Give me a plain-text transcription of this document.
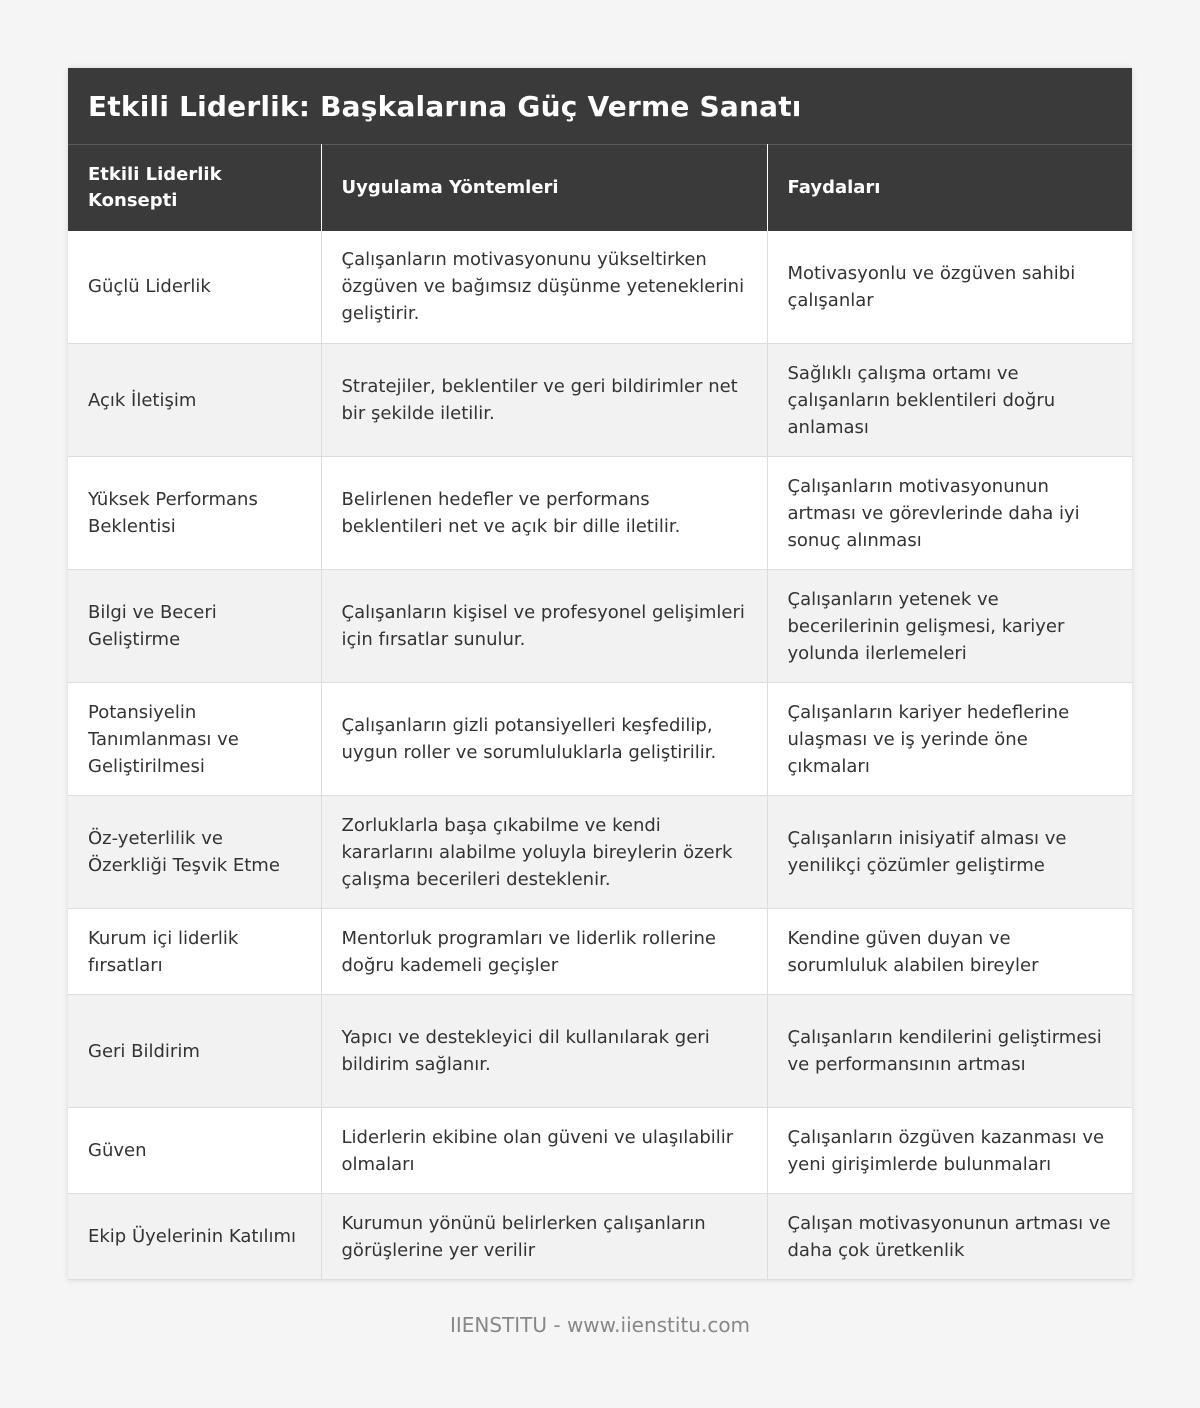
Etkili Liderlik: Başkalarına Güç Verme Sanatı
Etkili Liderlik Konsepti	Uygulama Yöntemleri	Faydaları
Güçlü Liderlik	Çalışanların motivasyonunu yükseltirken özgüven ve bağımsız düşünme yeteneklerini geliştirir.	Motivasyonlu ve özgüven sahibi çalışanlar
Açık İletişim	Stratejiler, beklentiler ve geri bildirimler net bir şekilde iletilir.	Sağlıklı çalışma ortamı ve çalışanların beklentileri doğru anlaması
Yüksek Performans Beklentisi	Belirlenen hedefler ve performans beklentileri net ve açık bir dille iletilir.	Çalışanların motivasyonunun artması ve görevlerinde daha iyi sonuç alınması
Bilgi ve Beceri Geliştirme	Çalışanların kişisel ve profesyonel gelişimleri için fırsatlar sunulur.	Çalışanların yetenek ve becerilerinin gelişmesi, kariyer yolunda ilerlemeleri
Potansiyelin Tanımlanması ve Geliştirilmesi	Çalışanların gizli potansiyelleri keşfedilip, uygun roller ve sorumluluklarla geliştirilir.	Çalışanların kariyer hedeflerine ulaşması ve iş yerinde öne çıkmaları
Öz-yeterlilik ve Özerkliği Teşvik Etme	Zorluklarla başa çıkabilme ve kendi kararlarını alabilme yoluyla bireylerin özerk çalışma becerileri desteklenir.	Çalışanların inisiyatif alması ve yenilikçi çözümler geliştirme
Kurum içi liderlik fırsatları	Mentorluk programları ve liderlik rollerine doğru kademeli geçişler	Kendine güven duyan ve sorumluluk alabilen bireyler
Geri Bildirim	Yapıcı ve destekleyici dil kullanılarak geri bildirim sağlanır.	Çalışanların kendilerini geliştirmesi ve performansının artması
Güven	Liderlerin ekibine olan güveni ve ulaşılabilir olmaları	Çalışanların özgüven kazanması ve yeni girişimlerde bulunmaları
Ekip Üyelerinin Katılımı	Kurumun yönünü belirlerken çalışanların görüşlerine yer verilir	Çalışan motivasyonunun artması ve daha çok üretkenlik
IIENSTITU - www.iienstitu.com
